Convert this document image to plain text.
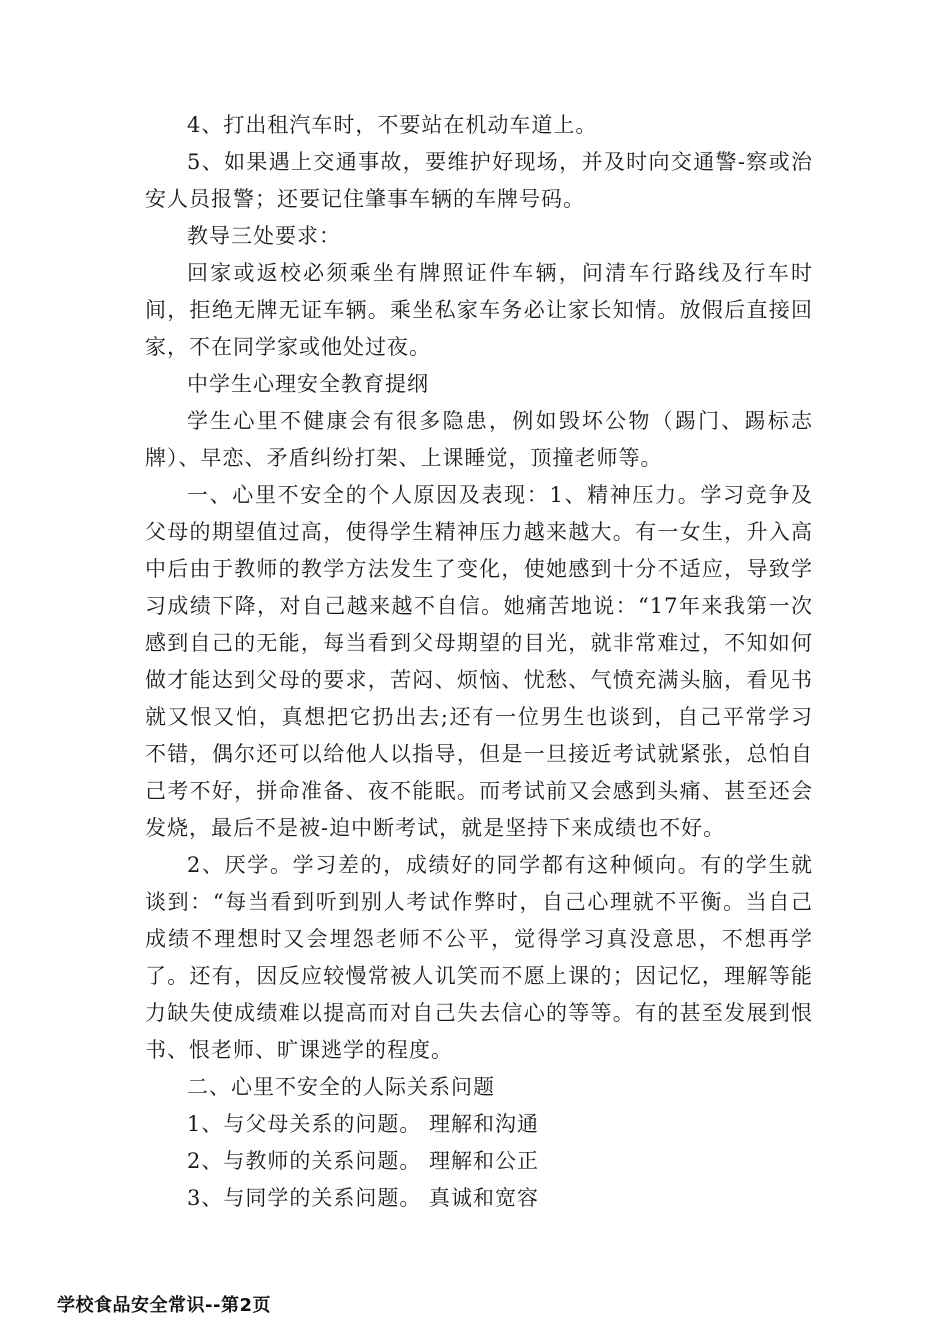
4、打出租汽车时，不要站在机动车道上。

5、如果遇上交通事故，要维护好现场，并及时向交通警-察或治安人员报警；还要记住肇事车辆的车牌号码。

教导三处要求：

回家或返校必须乘坐有牌照证件车辆，问清车行路线及行车时间，拒绝无牌无证车辆。乘坐私家车务必让家长知情。放假后直接回家，不在同学家或他处过夜。

中学生心理安全教育提纲

学生心里不健康会有很多隐患，例如毁坏公物（踢门、踢标志牌）、早恋、矛盾纠纷打架、上课睡觉，顶撞老师等。

一、心里不安全的个人原因及表现：1、精神压力。学习竞争及父母的期望值过高，使得学生精神压力越来越大。有一女生，升入高中后由于教师的教学方法发生了变化，使她感到十分不适应，导致学习成绩下降，对自己越来越不自信。她痛苦地说：“17年来我第一次感到自己的无能，每当看到父母期望的目光，就非常难过，不知如何做才能达到父母的要求，苦闷、烦恼、忧愁、气愤充满头脑，看见书就又恨又怕，真想把它扔出去;还有一位男生也谈到，自己平常学习不错，偶尔还可以给他人以指导，但是一旦接近考试就紧张，总怕自己考不好，拼命准备、夜不能眠。而考试前又会感到头痛、甚至还会发烧，最后不是被-迫中断考试，就是坚持下来成绩也不好。

2、厌学。学习差的，成绩好的同学都有这种倾向。有的学生就谈到：“每当看到听到别人考试作弊时，自己心理就不平衡。当自己成绩不理想时又会埋怨老师不公平，觉得学习真没意思，不想再学了。还有，因反应较慢常被人讥笑而不愿上课的；因记忆，理解等能力缺失使成绩难以提高而对自己失去信心的等等。有的甚至发展到恨书、恨老师、旷课逃学的程度。

二、心里不安全的人际关系问题

1、与父母关系的问题。 理解和沟通

2、与教师的关系问题。 理解和公正

3、与同学的关系问题。 真诚和宽容

学校食品安全常识--第2页
